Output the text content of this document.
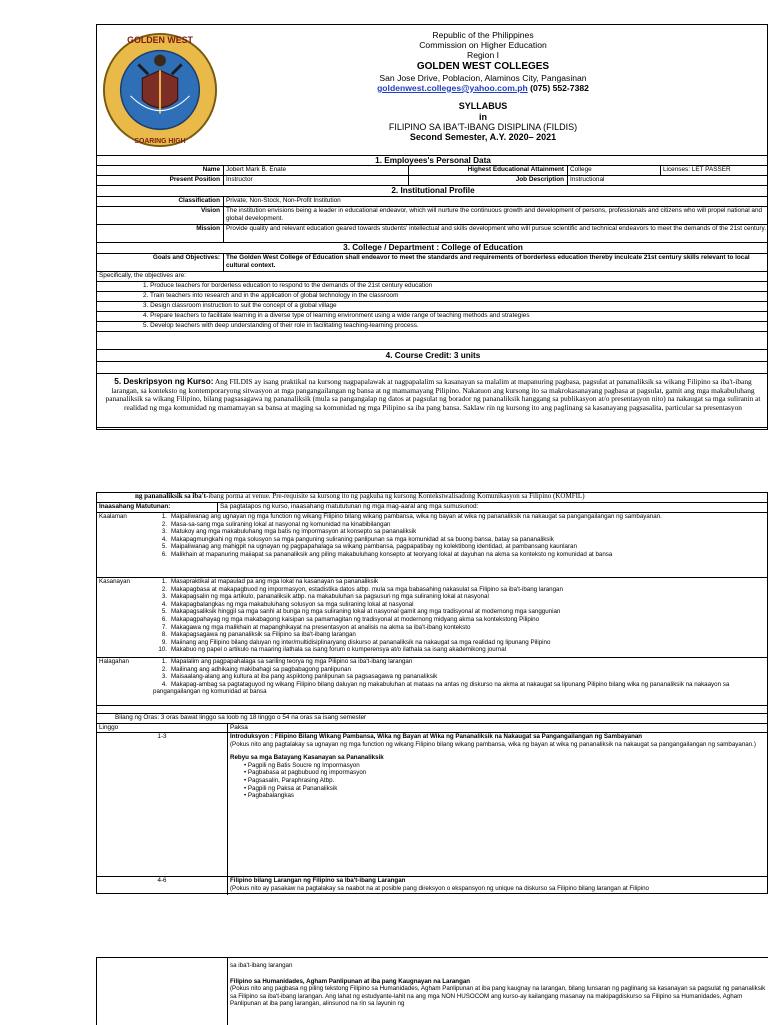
GOLDEN WEST
SOARING HIGH
Republic of the Philippines
Commission on Higher Education
Region I
GOLDEN WEST COLLEGES
San Jose Drive, Poblacion, Alaminos City, Pangasinan
goldenwest.colleges@yahoo.com.ph (075) 552-7382
SYLLABUS
in
FILIPINO SA IBA'T-IBANG DISIPLINA (FILDIS)
Second Semester, A.Y. 2020– 2021
1. Employees's Personal Data
Name Jobert Mark B. Enate	Highest Educational Attainment College	Licenses: LET PASSER
Present Position Instructor	Job Description Instructional
2. Institutional Profile
Classification Private, Non-Stock, Non-Profit Institution
Vision The institution envisions being a leader in educational endeavor, which will nurture the continuous growth and development of persons, professionals and citizens who will propel national and global development.
Mission Provide quality and relevant education geared towards students' intellectual and skills development who will pursue scientific and technical endeavors to meet the demands of the 21st century.
3. College / Department : College of Education
Goals and Objectives: The Golden West College of Education shall endeavor to meet the standards and requirements of borderless education thereby inculcate 21st century skills relevant to local cultural context.
Specifically, the objectives are:
1. Produce teachers for borderless education to respond to the demands of the 21st century education
2. Train teachers into research and in the application of global technology in the classroom
3. Design classroom instruction to suit the concept of a global village
4. Prepare teachers to facilitate learning in a diverse type of learning environment using a wide range of teaching methods and strategies
5. Develop teachers with deep understanding of their role in facilitating teaching-learning process.
4. Course Credit: 3 units
5. Deskripsyon ng Kurso: Ang FILDIS ay isang praktikal na kursong nagpapalawak at nagpapalalim sa kasanayan sa malalim at mapanuring pagbasa, pagsulat at pananaliksik sa wikang Filipino sa iba't-ibang larangan, sa konteksto ng kontemporaryong sitwasyon at mga pangangailangan ng bansa at ng mamamayang Pilipino. Nakatuon ang kursong ito sa makrokasanayang pagbasa at pagsulat, gamit ang mga makabuluhang pananaliksik sa wikang Filipino, bilang pagsasagawa ng pananaliksik (mula sa pangangalap ng datos at pagsulat ng borador ng pananaliksik hanggang sa publikasyon at/o presentasyon nito) na nakaugat sa mga suliranin at realidad ng mga komunidad ng mamamayan sa bansa at maging sa komunidad ng mga Pilipino sa iba pang bansa. Saklaw rin ng kursong ito ang paglinang sa kasanayang pagsasalita, particular sa presentasyon
ng pananaliksik sa iba't-ibang porma at venue. Pre-requisite sa kursong ito ng pagkuha ng kursong Kontekstwalisadong Komunikasyon sa Filipino (KOMFIL)
Inaasahang Matutunan:	Sa pagtatapos ng kurso, inaasahang matututunan ng mga mag-aaral ang mga sumusunod:
Kaalaman	1. Maipaliwanag ang ugnayan ng mga function ng wikang Filipino bilang wikang pambansa, wika ng bayan at wika ng pananaliksik na nakaugat sa pangangailangan ng sambayanan.
2. Masa-sa-sang mga suliraning lokal at nasyonal ng komunidad na kinabibilangan
3. Matukoy ang mga makabuluhang mga batis ng impormasyon at konsepto sa pananaliksik
4. Makapagmungkahi ng mga solusyon sa mga panguning suliraning panlipunan sa mga komunidad at sa buong bansa, batay sa pananaliksik
5. Maipaliwanag ang mahigpit na ugnayan ng pagpapahalaga sa wikang pambansa, pagpapatibay ng kolektibong identidad, at pambansang kaunlaran
6. Malikhain at mapanuring maiiapat sa pananaliksik ang piling makabuluhang konsepto at teoryang lokal at dayuhan na akma sa konteksto ng komunidad at bansa
Kasanayan	1. Masapraktikal at mapaulad pa ang mga lokal na kasanayan sa pananaliksik
2. Makapagbasa at makapagbuod ng impormasyon, estadistika datos atbp. mula sa mga babasahing nakasulat sa Filipino sa iba't-ibang larangan
3. Makapagsalin ng mga artikulo, pananaliksik atbp. na makabuluhan sa pagsusuri ng mga suliraning lokal at nasyonal
4. Makapagbalangkas ng mga makabuluhang solusyon sa mga suliraning lokal at nasyonal
5. Makapagsaliksik hinggil sa mga sanhi at bunga ng mga suliraning lokal at nasyonal gamit ang mga tradisyonal at modernong mga sanggunian
6. Makapagpahayag ng mga makabagong kaisipan sa pamamagitan ng tradisyonal at modernong midyang akma sa kontekstong Pilipino
7. Makagawa ng mga malikhain at mapanghikayat na presentasyon at analisis na akma sa iba't-ibang konteksto
8. Makapagsagawa ng pananaliksik sa Filipino sa iba't-ibang larangan
9. Maiinang ang Filipino bilang daluyan ng inter/multidisiplinaryang diskurso at pananaliksik na nakaugat sa mga realidad ng lipunang Pilipino
10. Makabuo ng papel o artikulo na maaring ilathala sa isang forum o kumperensya at/o ilathala sa isang akademikong journal
Halagahan	1. Mapalalim ang pagpapahalaga sa sariling teorya ng mga Pilipino sa iba't-ibang larangan
2. Mailinang ang adhikaing makibahagi sa pagbabagong panlipunan
3. Maisaalang-alang ang kultura at iba pang aspiktong panlipunan sa pagsasagawa ng pananaliksik
4. Makapag-ambag sa pagtataguyod ng wikang Filipino bilang daluyan ng makabuluhan at mataas na antas ng diskurso na akma at nakaugat sa lipunang Pilipino bilang wika ng pananaliksik na nakaayon sa pangangailangan ng komunidad at bansa
Bilang ng Oras: 3 oras bawat linggo sa loob ng 18 linggo o 54 na oras sa isang semester
Linggo	Paksa
1-3	Introduksyon : Filipino Bilang Wikang Pambansa, Wika ng Bayan at Wika ng Pananaliksik na Nakaugat sa Pangangailangan ng Sambayanan
(Pokus nito ang pagtalakay sa ugnayan ng mga function ng wikang Filipino bilang wikang pambansa, wika ng bayan at wika ng pananaliksik na nakaugat sa pangangailangan ng sambayanan.)
Rebyu sa mga Batayang Kasanayan sa Pananaliksik
• Pagpili ng Batis Soucre ng Impormasyon
• Pagbabasa at pagbubuod ng impormasyon
• Pagsasalin, Paraphrasing Atbp.
• Pagpili ng Paksa at Pananaliksik
• Pagbabalangkas
4-6	Filipino bilang Larangan ng Filipino sa Iba't-ibang Larangan
(Pokus nito ay pasakaw na pagtalakay sa naabot na at posible pang direksyon o ekspansyon ng unique na diskurso sa Filipino bilang larangan at Filipino
sa iba't-ibang larangan
Filipino sa Humanidades, Agham Panlipunan at iba pang Kaugnayan na Larangan
(Pokus nito ang pagbasa ng piling tekstong Filipino sa Humanidades, Agham Panlipunan at iba pang kaugnay na larangan, bilang lunsaran ng paglinang sa kasanayan sa pagsulat ng pananaliksik sa Filipino sa iba't-ibang larangan. Ang lahat ng estudyante-lahit na ang mga NON HUSOCOM ang kurso-ay kailangang masanay na makipagdiskurso sa Filipino sa Humanidades, Agham Panlipunan at iba pang larangan, alinsunod na rin sa layunin ng
